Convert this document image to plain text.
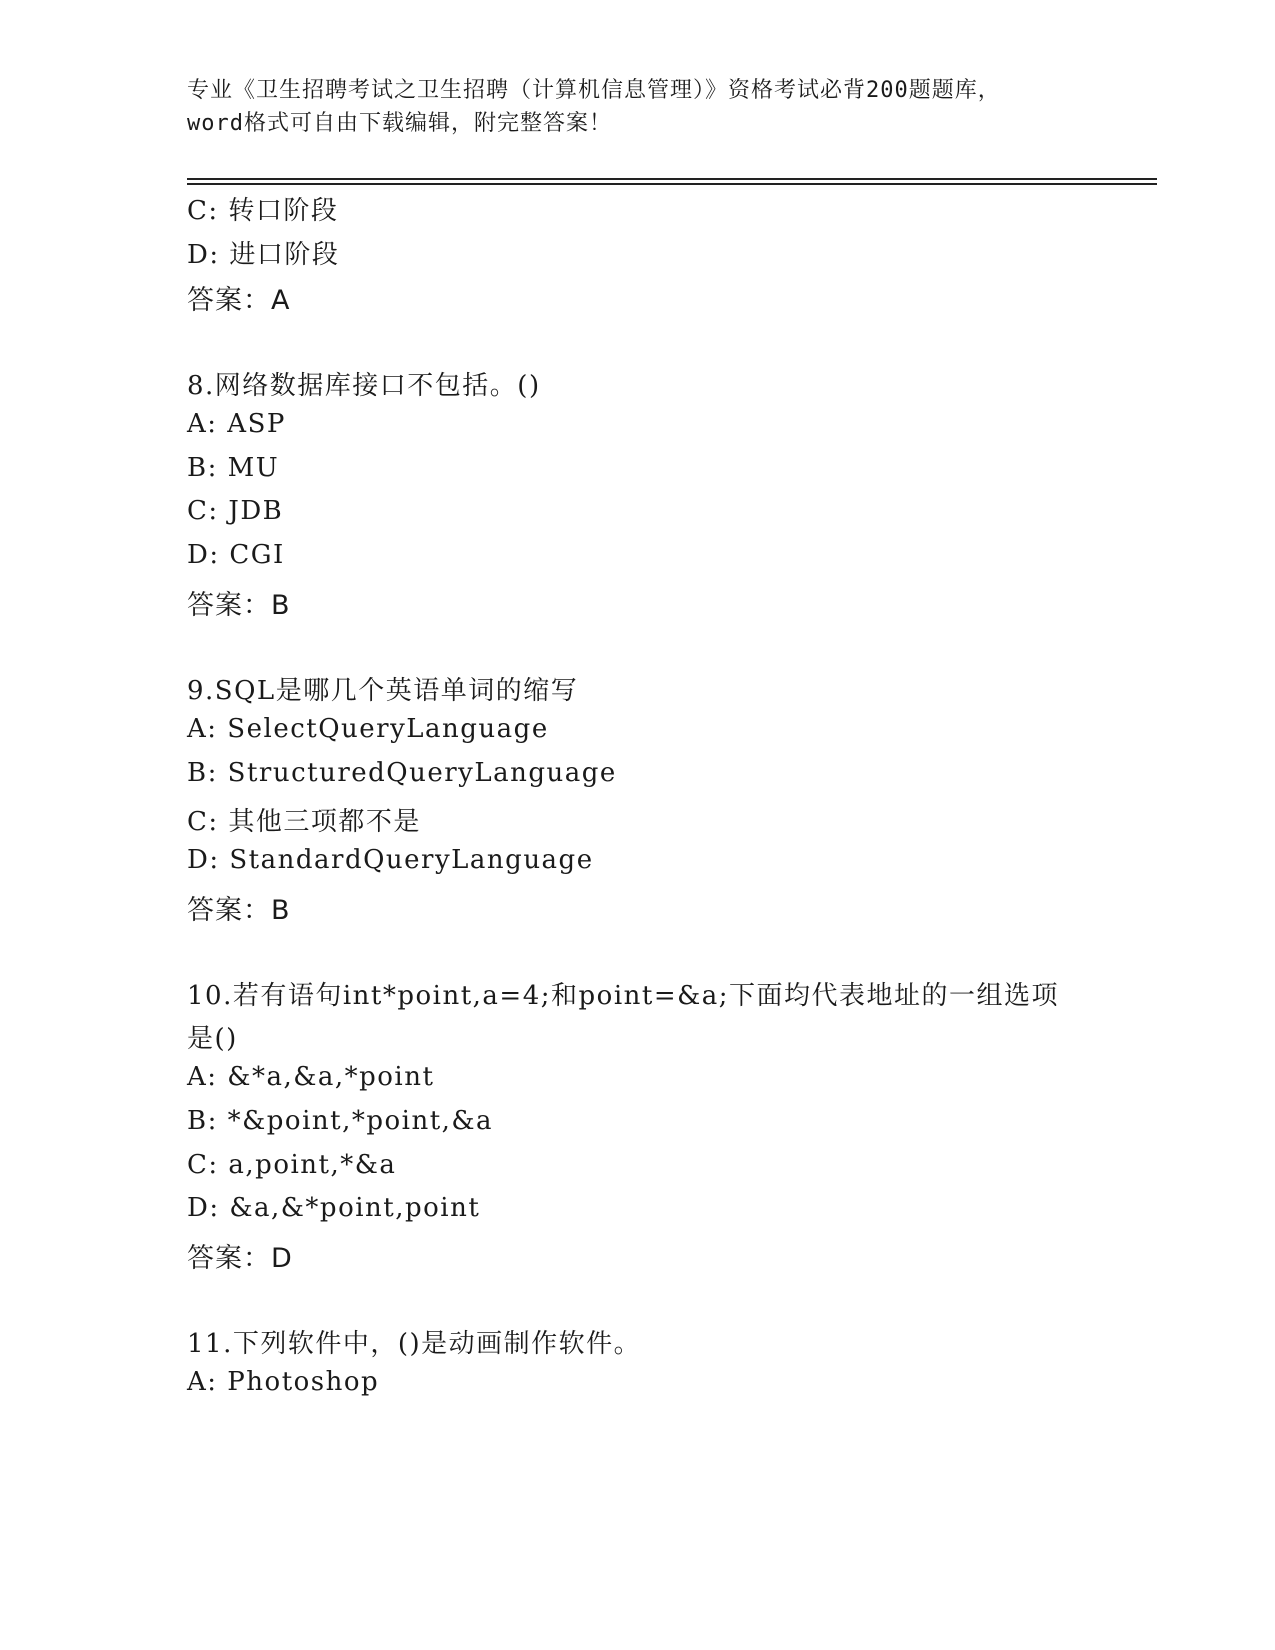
专业《卫生招聘考试之卫生招聘（计算机信息管理）》资格考试必背200题题库，
word格式可自由下载编辑，附完整答案！
C: 转口阶段
D: 进口阶段
答案：A
8.网络数据库接口不包括。()
A: ASP
B: MU
C: JDB
D: CGI
答案：B
9.SQL是哪几个英语单词的缩写
A: SelectQueryLanguage
B: StructuredQueryLanguage
C: 其他三项都不是
D: StandardQueryLanguage
答案：B
10.若有语句int*point,a=4;和point=&a;下面均代表地址的一组选项
是()
A: &*a,&a,*point
B: *&point,*point,&a
C: a,point,*&a
D: &a,&*point,point
答案：D
11.下列软件中，()是动画制作软件。
A: Photoshop
